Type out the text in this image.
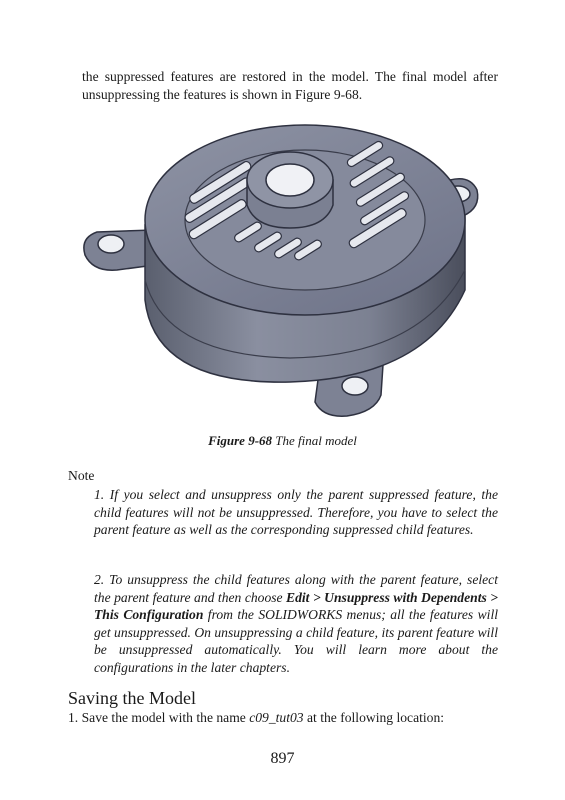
the suppressed features are restored in the model. The final model after unsuppressing the features is shown in Figure 9-68.

Figure 9-68 The final model
Note

1. If you select and unsuppress only the parent suppressed feature, the child features will not be unsuppressed. Therefore, you have to select the parent feature as well as the corresponding suppressed child features.

2. To unsuppress the child features along with the parent feature, select the parent feature and then choose Edit > Unsuppress with Dependents > This Configuration from the SOLIDWORKS menus; all the features will get unsuppressed. On unsuppressing a child feature, its parent feature will be unsuppressed automatically. You will learn more about the configurations in the later chapters.

Saving the Model

1. Save the model with the name c09_tut03 at the following location:

897
